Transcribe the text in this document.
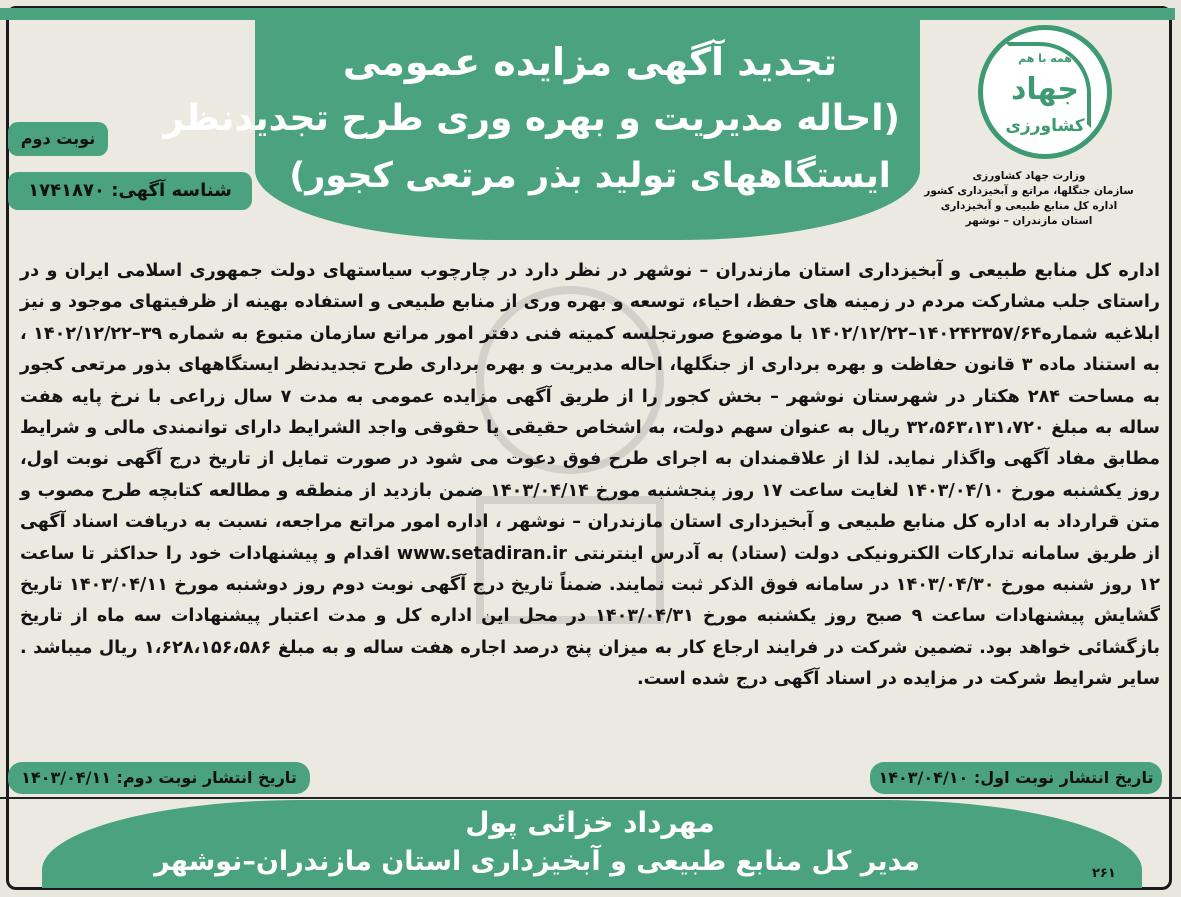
تجدید آگهی مزایده عمومی
(احاله مدیریت و بهره وری طرح تجدیدنظر
ایستگاههای تولید بذر مرتعی کجور)
همه با هم
جهاد
کشاورزی
وزارت جهاد کشاورزی
سازمان جنگلها، مراتع و آبخیزداری کشور
اداره کل منابع طبیعی و آبخیزداری
استان مازندران – نوشهر
نوبت دوم
شناسه آگهی: ۱۷۴۱۸۷۰
اداره کل منابع طبیعی و آبخیزداری استان مازندران – نوشهر در نظر دارد در چارچوب سیاستهای دولت جمهوری اسلامی ایران و در راستای جلب مشارکت مردم در زمینه های حفظ، احیاء، توسعه و بهره وری از منابع طبیعی و استفاده بهینه از ظرفیتهای موجود و نیز ابلاغیه شماره۱۴۰۲۴۲۳۵۷/۶۴–۱۴۰۲/۱۲/۲۲ با موضوع صورتجلسه کمیته فنی دفتر امور مراتع سازمان متبوع به شماره ۳۹–۱۴۰۲/۱۲/۲۲ ، به استناد ماده ۳ قانون حفاظت و بهره برداری از جنگلها، احاله مدیریت و بهره برداری طرح تجدیدنظر ایستگاههای بذور مرتعی کجور به مساحت ۲۸۴ هکتار در شهرستان نوشهر – بخش کجور را از طریق آگهی مزایده عمومی به مدت ۷ سال زراعی با نرخ پایه هفت ساله به مبلغ ۳۲،۵۶۳،۱۳۱،۷۲۰ ریال به عنوان سهم دولت، به اشخاص حقیقی یا حقوقی واجد الشرایط دارای توانمندی مالی و شرایط مطابق مفاد آگهی واگذار نماید. لذا از علاقمندان به اجرای طرح فوق دعوت می شود در صورت تمایل از تاریخ درج آگهی نوبت اول، روز یکشنبه مورخ ۱۴۰۳/۰۴/۱۰ لغایت ساعت ۱۷ روز پنجشنبه مورخ ۱۴۰۳/۰۴/۱۴ ضمن بازدید از منطقه و مطالعه کتابچه طرح مصوب و متن قرارداد به اداره کل منابع طبیعی و آبخیزداری استان مازندران – نوشهر ، اداره امور مراتع مراجعه، نسبت به دریافت اسناد آگهی از طریق سامانه تدارکات الکترونیکی دولت (ستاد) به آدرس اینترنتی www.setadiran.ir اقدام و پیشنهادات خود را حداکثر تا ساعت ۱۲ روز شنبه مورخ ۱۴۰۳/۰۴/۳۰ در سامانه فوق الذکر ثبت نمایند. ضمناً تاریخ درج آگهی نوبت دوم روز دوشنبه مورخ ۱۴۰۳/۰۴/۱۱ تاریخ گشایش پیشنهادات ساعت ۹ صبح روز یکشنبه مورخ ۱۴۰۳/۰۴/۳۱ در محل این اداره کل و مدت اعتبار پیشنهادات سه ماه از تاریخ بازگشائی خواهد بود. تضمین شرکت در فرایند ارجاع کار به میزان پنج درصد اجاره هفت ساله و به مبلغ ۱،۶۲۸،۱۵۶،۵۸۶ ریال میباشد . سایر شرایط شرکت در مزایده در اسناد آگهی درج شده است.
تاریخ انتشار نوبت اول: ۱۴۰۳/۰۴/۱۰
تاریخ انتشار نوبت دوم: ۱۴۰۳/۰۴/۱۱
مهرداد خزائی پول
مدیر کل منابع طبیعی و آبخیزداری استان مازندران–نوشهر	۲۶۱
